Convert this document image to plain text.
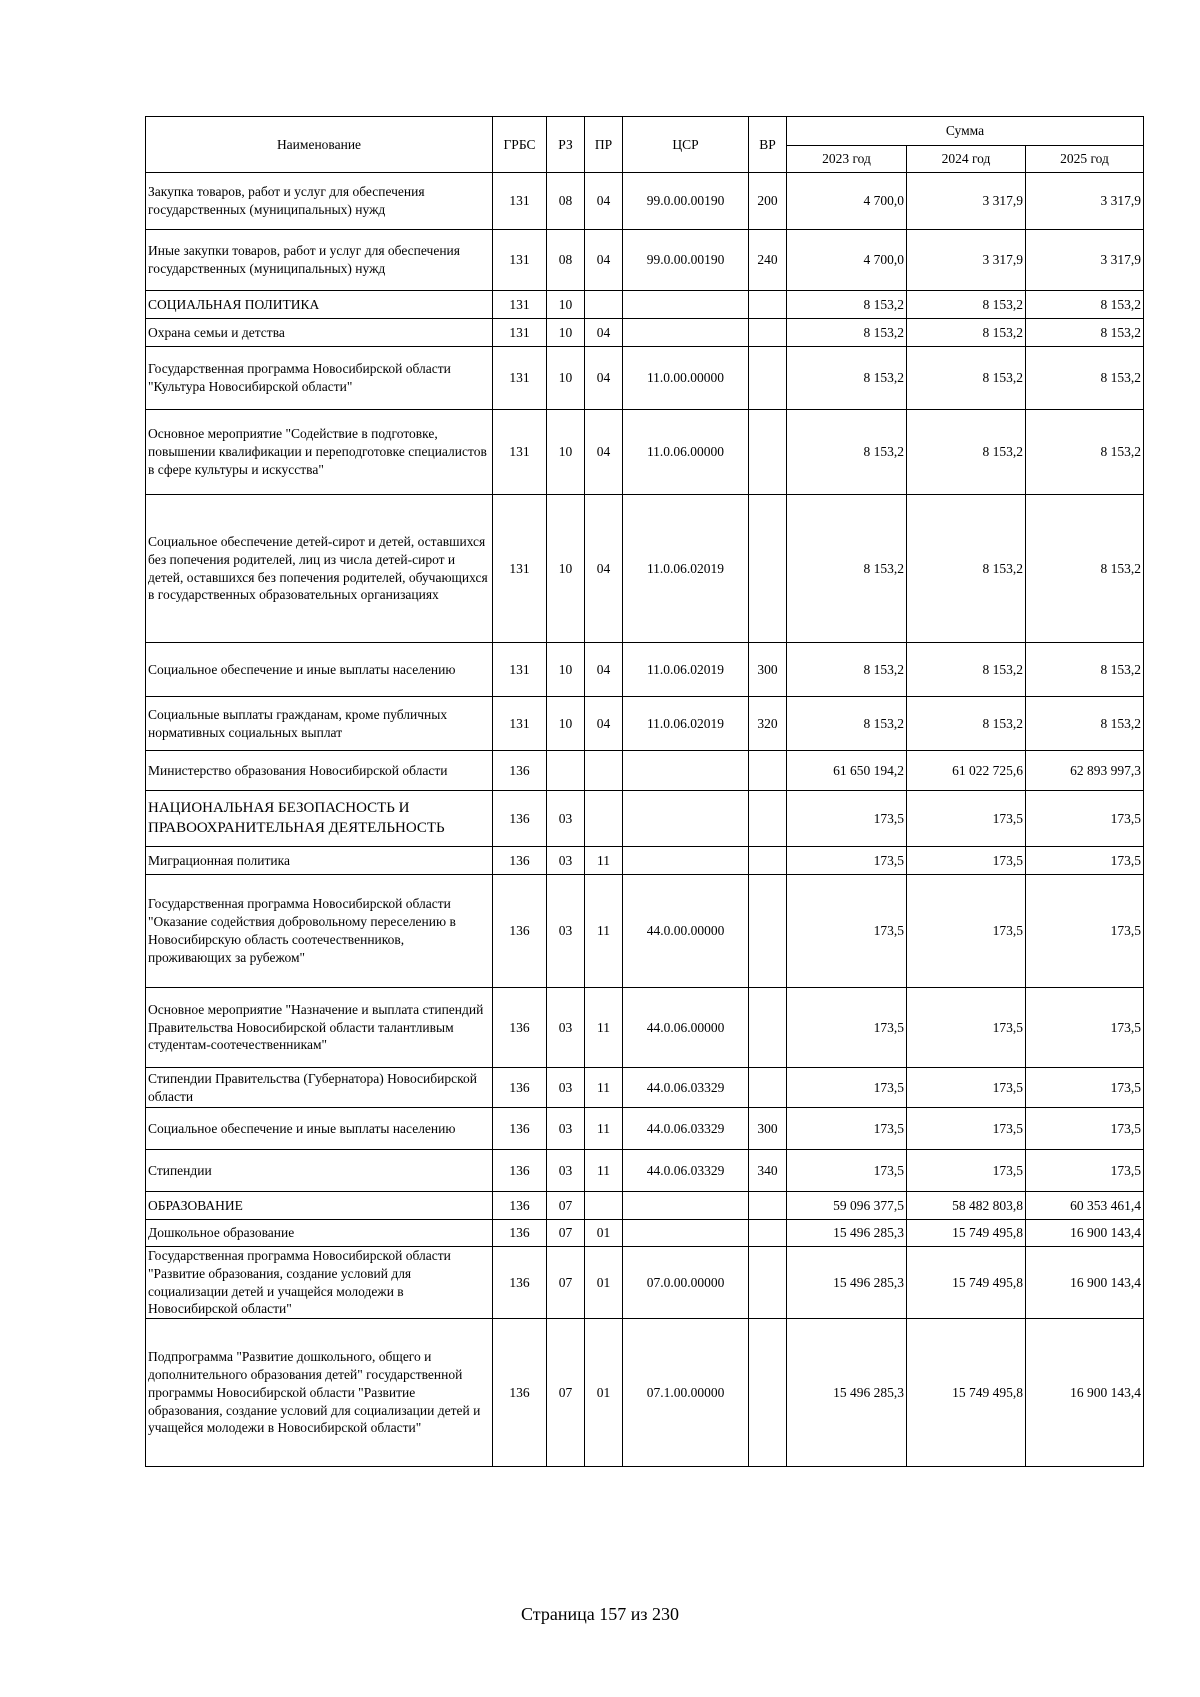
Наименование	ГРБС	РЗ	ПР	ЦСР	ВР	Сумма		
						2023 год	2024 год	2025 год
Закупка товаров, работ и услуг для обеспечения государственных (муниципальных) нужд	131	08	04	99.0.00.00190	200	4 700,0	3 317,9	3 317,9
Иные закупки товаров, работ и услуг для обеспечения государственных (муниципальных) нужд	131	08	04	99.0.00.00190	240	4 700,0	3 317,9	3 317,9
СОЦИАЛЬНАЯ ПОЛИТИКА	131	10				8 153,2	8 153,2	8 153,2
Охрана семьи и детства	131	10	04			8 153,2	8 153,2	8 153,2
Государственная программа Новосибирской области "Культура Новосибирской области"	131	10	04	11.0.00.00000		8 153,2	8 153,2	8 153,2
Основное мероприятие "Содействие в подготовке, повышении квалификации и переподготовке специалистов в сфере культуры и искусства"	131	10	04	11.0.06.00000		8 153,2	8 153,2	8 153,2
Социальное обеспечение детей-сирот и детей, оставшихся без попечения родителей, лиц из числа детей-сирот и детей, оставшихся без попечения родителей, обучающихся в государственных образовательных организациях	131	10	04	11.0.06.02019		8 153,2	8 153,2	8 153,2
Социальное обеспечение и иные выплаты населению	131	10	04	11.0.06.02019	300	8 153,2	8 153,2	8 153,2
Социальные выплаты гражданам, кроме публичных нормативных социальных выплат	131	10	04	11.0.06.02019	320	8 153,2	8 153,2	8 153,2
Министерство образования Новосибирской области	136					61 650 194,2	61 022 725,6	62 893 997,3
НАЦИОНАЛЬНАЯ БЕЗОПАСНОСТЬ И ПРАВООХРАНИТЕЛЬНАЯ ДЕЯТЕЛЬНОСТЬ	136	03				173,5	173,5	173,5
Миграционная политика	136	03	11			173,5	173,5	173,5
Государственная программа Новосибирской области "Оказание содействия добровольному переселению в Новосибирскую область соотечественников, проживающих за рубежом"	136	03	11	44.0.00.00000		173,5	173,5	173,5
Основное мероприятие "Назначение и выплата стипендий Правительства Новосибирской области талантливым студентам-соотечественникам"	136	03	11	44.0.06.00000		173,5	173,5	173,5
Стипендии Правительства (Губернатора) Новосибирской области	136	03	11	44.0.06.03329		173,5	173,5	173,5
Социальное обеспечение и иные выплаты населению	136	03	11	44.0.06.03329	300	173,5	173,5	173,5
Стипендии	136	03	11	44.0.06.03329	340	173,5	173,5	173,5
ОБРАЗОВАНИЕ	136	07				59 096 377,5	58 482 803,8	60 353 461,4
Дошкольное образование	136	07	01			15 496 285,3	15 749 495,8	16 900 143,4
Государственная программа Новосибирской области "Развитие образования, создание условий для социализации детей и учащейся молодежи в Новосибирской области"	136	07	01	07.0.00.00000		15 496 285,3	15 749 495,8	16 900 143,4
Подпрограмма "Развитие дошкольного, общего и дополнительного образования детей" государственной программы Новосибирской области "Развитие образования, создание условий для социализации детей и учащейся молодежи в Новосибирской области"	136	07	01	07.1.00.00000		15 496 285,3	15 749 495,8	16 900 143,4
Страница 157 из 230
